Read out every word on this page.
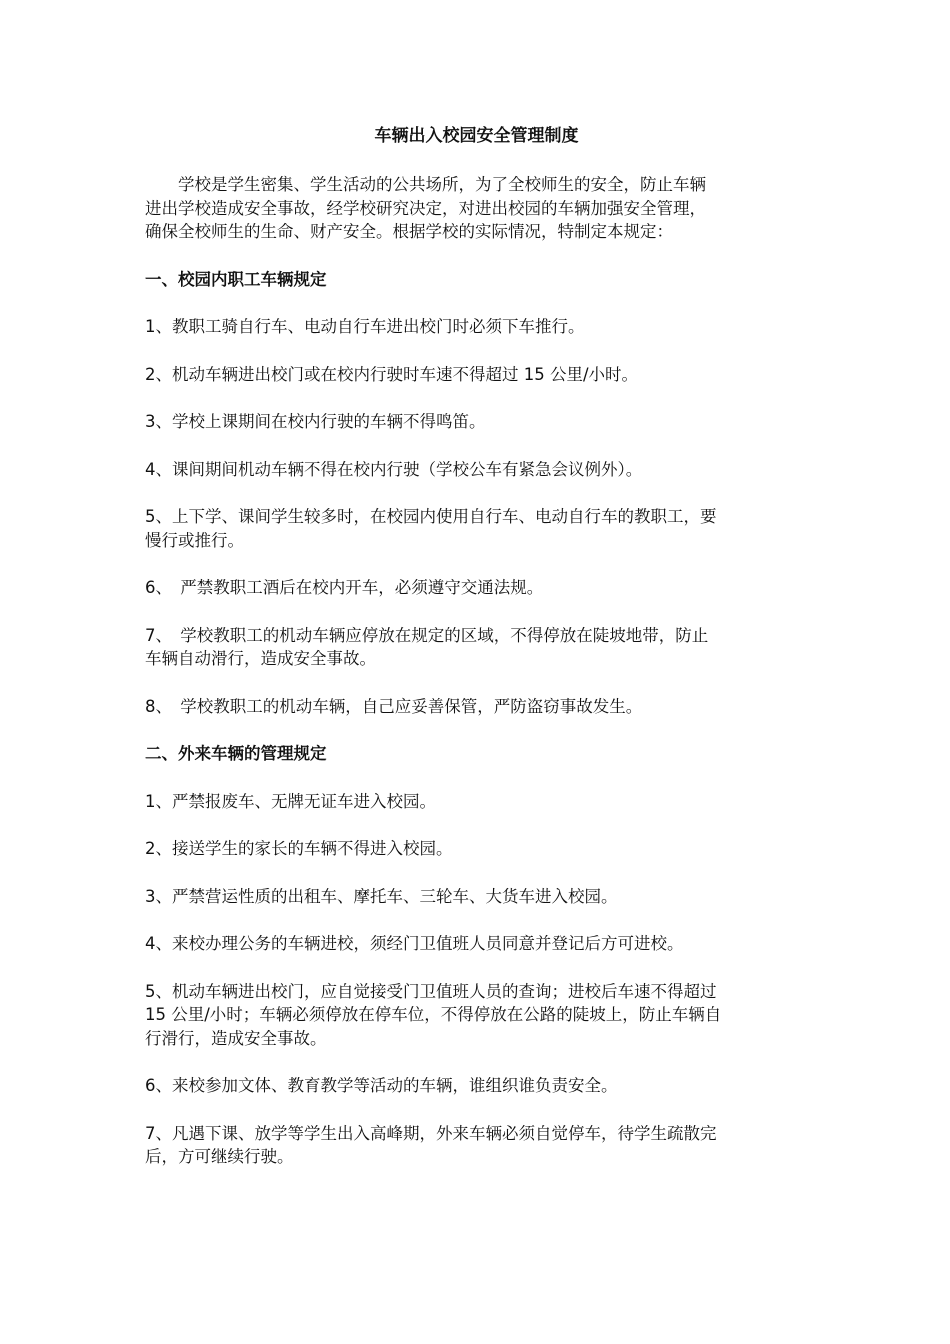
车辆出入校园安全管理制度
　　学校是学生密集、学生活动的公共场所，为了全校师生的安全，防止车辆
进出学校造成安全事故，经学校研究决定，对进出校园的车辆加强安全管理，
确保全校师生的生命、财产安全。根据学校的实际情况，特制定本规定：
一、校园内职工车辆规定
1、教职工骑自行车、电动自行车进出校门时必须下车推行。
2、机动车辆进出校门或在校内行驶时车速不得超过 15 公里/小时。
3、学校上课期间在校内行驶的车辆不得鸣笛。
4、课间期间机动车辆不得在校内行驶（学校公车有紧急会议例外）。
5、上下学、课间学生较多时，在校园内使用自行车、电动自行车的教职工，要
慢行或推行。
6、　严禁教职工酒后在校内开车，必须遵守交通法规。
7、　学校教职工的机动车辆应停放在规定的区域，不得停放在陡坡地带，防止
车辆自动滑行，造成安全事故。
8、　学校教职工的机动车辆，自己应妥善保管，严防盗窃事故发生。
二、外来车辆的管理规定
1、严禁报废车、无牌无证车进入校园。
2、接送学生的家长的车辆不得进入校园。
3、严禁营运性质的出租车、摩托车、三轮车、大货车进入校园。
4、来校办理公务的车辆进校，须经门卫值班人员同意并登记后方可进校。
5、机动车辆进出校门，应自觉接受门卫值班人员的查询；进校后车速不得超过
15 公里/小时；车辆必须停放在停车位，不得停放在公路的陡坡上，防止车辆自
行滑行，造成安全事故。
6、来校参加文体、教育教学等活动的车辆，谁组织谁负责安全。
7、凡遇下课、放学等学生出入高峰期，外来车辆必须自觉停车，待学生疏散完
后，方可继续行驶。
